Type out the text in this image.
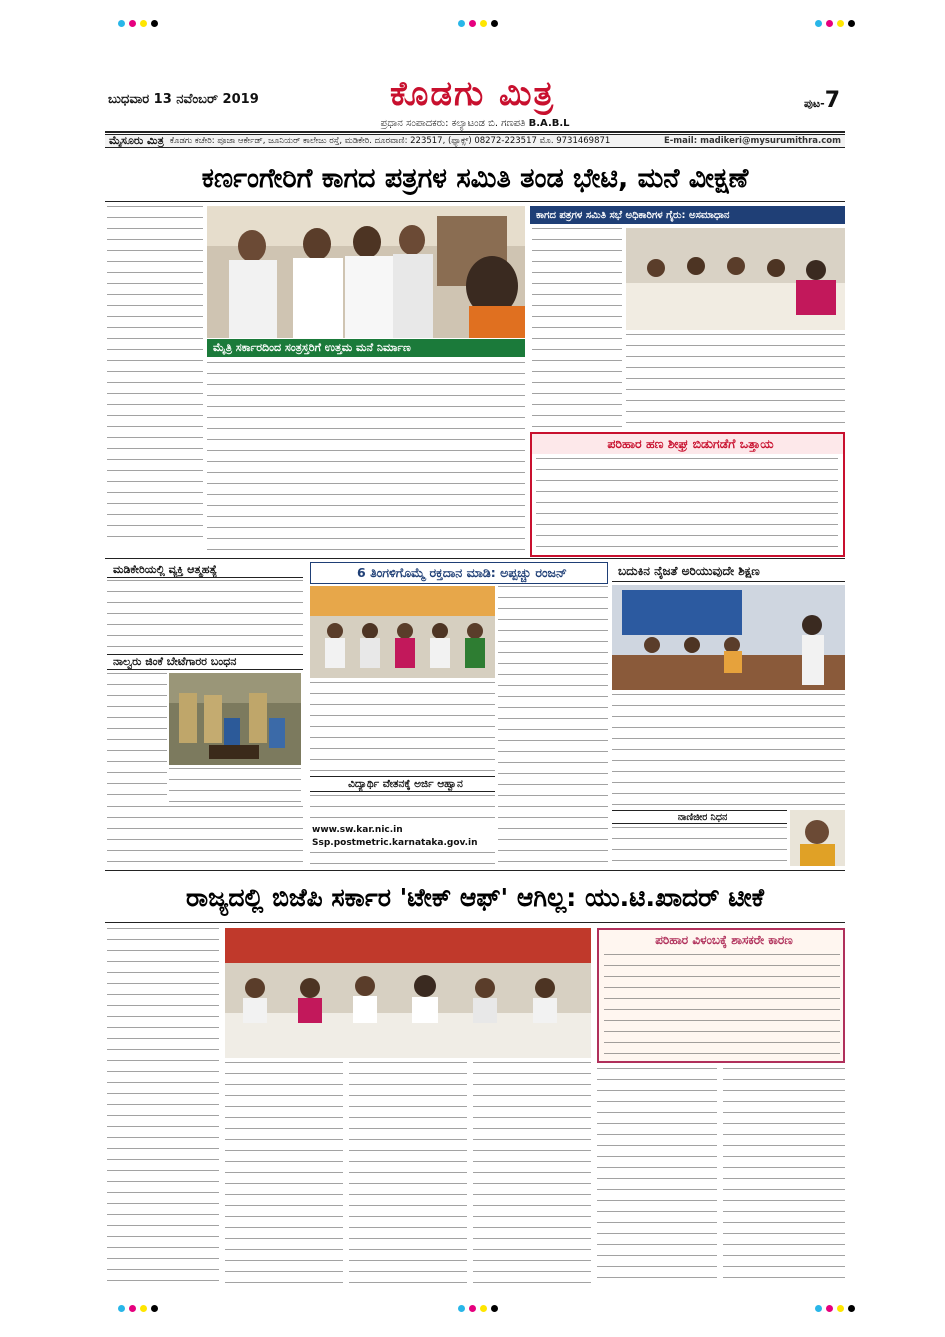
ಬುಧವಾರ 13 ನವೆಂಬರ್ 2019	ಕೊಡಗು ಮಿತ್ರ
ಪ್ರಧಾನ ಸಂಪಾದಕರು: ಕಲ್ಯಾಟಂಡ ಬಿ. ಗಣಪತಿ B.A.B.L
ಪುಟ-7
ಮೈಸೂರು ಮಿತ್ರ ಕೊಡಗು ಕಚೇರಿ: ಪೂಜಾ ಆರ್ಕೇಡ್, ಜೂನಿಯರ್ ಕಾಲೇಜು ರಸ್ತೆ, ಮಡಿಕೇರಿ. ದೂರವಾಣಿ: 223517, (ಫ್ಯಾಕ್ಸ್) 08272-223517 ಮೊ. 9731469871	E-mail: madikeri@mysurumithra.com
ಕರ್ಣಂಗೇರಿಗೆ ಕಾಗದ ಪತ್ರಗಳ ಸಮಿತಿ ತಂಡ ಭೇಟಿ, ಮನೆ ವೀಕ್ಷಣೆ
ಮೈತ್ರಿ ಸರ್ಕಾರದಿಂದ ಸಂತ್ರಸ್ತರಿಗೆ ಉತ್ತಮ ಮನೆ ನಿರ್ಮಾಣ
ಕಾಗದ ಪತ್ರಗಳ ಸಮಿತಿ ಸಭೆ ಅಧಿಕಾರಿಗಳ ಗೈರು: ಅಸಮಾಧಾನ
ಪರಿಹಾರ ಹಣ ಶೀಘ್ರ ಬಿಡುಗಡೆಗೆ ಒತ್ತಾಯ
ಮಡಿಕೇರಿಯಲ್ಲಿ ವ್ಯಕ್ತಿ ಆತ್ಮಹತ್ಯೆ
ನಾಲ್ವರು ಜಿಂಕೆ ಬೇಟೆಗಾರರ ಬಂಧನ
6 ತಿಂಗಳಿಗೊಮ್ಮೆ ರಕ್ತದಾನ ಮಾಡಿ: ಅಪ್ಪಚ್ಚು ರಂಜನ್
ವಿದ್ಯಾರ್ಥಿ ವೇತನಕ್ಕೆ ಅರ್ಜಿ ಆಹ್ವಾನ
www.sw.kar.nic.in
Ssp.postmetric.karnataka.gov.in
ಬದುಕಿನ ನೈಜತೆ ಅರಿಯುವುದೇ ಶಿಕ್ಷಣ
ನಾಣಿಜೀರ ನಿಧನ
ರಾಜ್ಯದಲ್ಲಿ ಬಿಜೆಪಿ ಸರ್ಕಾರ 'ಟೇಕ್ ಆಫ್' ಆಗಿಲ್ಲ: ಯು.ಟಿ.ಖಾದರ್ ಟೀಕೆ
ಪರಿಹಾರ ವಿಳಂಬಕ್ಕೆ ಶಾಸಕರೇ ಕಾರಣ
